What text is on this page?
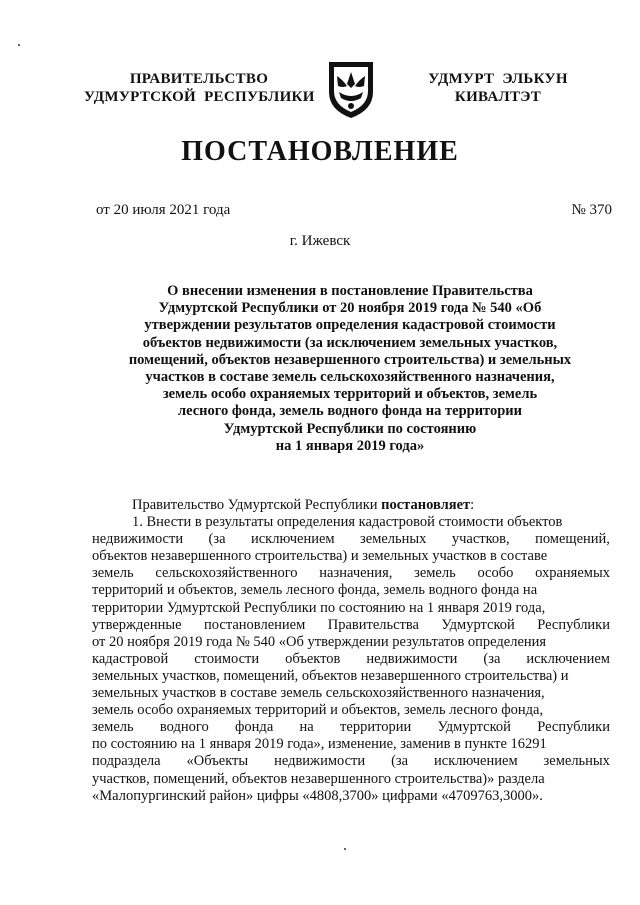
ПРАВИТЕЛЬСТВО
УДМУРТСКОЙ  РЕСПУБЛИКИ
УДМУРТ  ЭЛЬКУН
КИВАЛТЭТ
ПОСТАНОВЛЕНИЕ
от 20 июля 2021 года	№ 370
г. Ижевск
О внесении изменения в постановление Правительства
Удмуртской Республики от 20 ноября 2019 года № 540 «Об
утверждении результатов определения кадастровой стоимости
объектов недвижимости (за исключением земельных участков,
помещений, объектов незавершенного строительства) и земельных
участков в составе земель сельскохозяйственного назначения,
земель особо охраняемых территорий и объектов, земель
лесного фонда, земель водного фонда на территории
Удмуртской Республики по состоянию
на 1 января 2019 года»
Правительство Удмуртской Республики постановляет:
1. Внести в результаты определения кадастровой стоимости объектов
недвижимости (за исключением земельных участков, помещений,
объектов незавершенного строительства) и земельных участков в составе
земель сельскохозяйственного назначения, земель особо охраняемых
территорий и объектов, земель лесного фонда, земель водного фонда на
территории Удмуртской Республики по состоянию на 1 января 2019 года,
утвержденные постановлением Правительства Удмуртской Республики
от 20 ноября 2019 года № 540 «Об утверждении результатов определения
кадастровой стоимости объектов недвижимости (за исключением
земельных участков, помещений, объектов незавершенного строительства) и
земельных участков в составе земель сельскохозяйственного назначения,
земель особо охраняемых территорий и объектов, земель лесного фонда,
земель водного фонда на территории Удмуртской Республики
по состоянию на 1 января 2019 года», изменение, заменив в пункте 16291
подраздела «Объекты недвижимости (за исключением земельных
участков, помещений, объектов незавершенного строительства)» раздела
«Малопургинский район» цифры «4808,3700» цифрами «4709763,3000».
